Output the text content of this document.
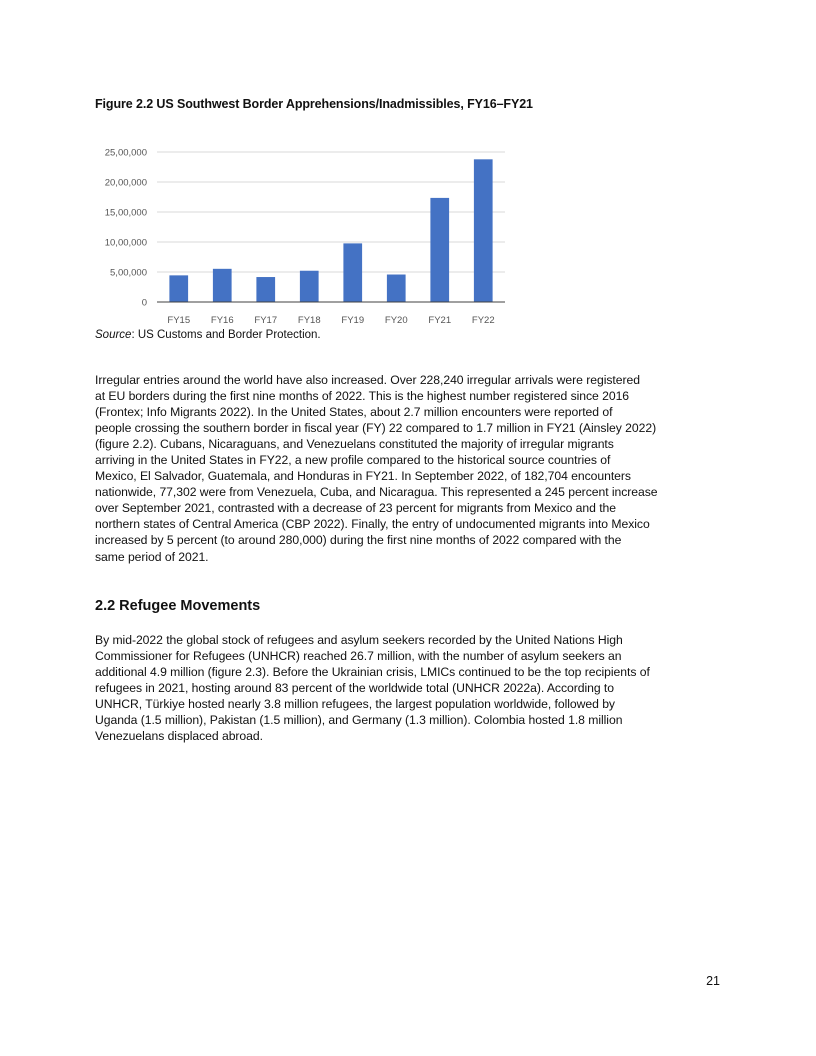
Figure 2.2 US Southwest Border Apprehensions/Inadmissibles, FY16–FY21

0
5,00,000
10,00,000
15,00,000
20,00,000
25,00,000
FY15 FY16 FY17 FY18 FY19 FY20 FY21 FY22

Source: US Customs and Border Protection.

Irregular entries around the world have also increased. Over 228,240 irregular arrivals were registered
at EU borders during the first nine months of 2022. This is the highest number registered since 2016
(Frontex; Info Migrants 2022). In the United States, about 2.7 million encounters were reported of
people crossing the southern border in fiscal year (FY) 22 compared to 1.7 million in FY21 (Ainsley 2022)
(figure 2.2). Cubans, Nicaraguans, and Venezuelans constituted the majority of irregular migrants
arriving in the United States in FY22, a new profile compared to the historical source countries of
Mexico, El Salvador, Guatemala, and Honduras in FY21. In September 2022, of 182,704 encounters
nationwide, 77,302 were from Venezuela, Cuba, and Nicaragua. This represented a 245 percent increase
over September 2021, contrasted with a decrease of 23 percent for migrants from Mexico and the
northern states of Central America (CBP 2022). Finally, the entry of undocumented migrants into Mexico
increased by 5 percent (to around 280,000) during the first nine months of 2022 compared with the
same period of 2021.
2.2 Refugee Movements
By mid-2022 the global stock of refugees and asylum seekers recorded by the United Nations High
Commissioner for Refugees (UNHCR) reached 26.7 million, with the number of asylum seekers an
additional 4.9 million (figure 2.3). Before the Ukrainian crisis, LMICs continued to be the top recipients of
refugees in 2021, hosting around 83 percent of the worldwide total (UNHCR 2022a). According to
UNHCR, Türkiye hosted nearly 3.8 million refugees, the largest population worldwide, followed by
Uganda (1.5 million), Pakistan (1.5 million), and Germany (1.3 million). Colombia hosted 1.8 million
Venezuelans displaced abroad.

21
